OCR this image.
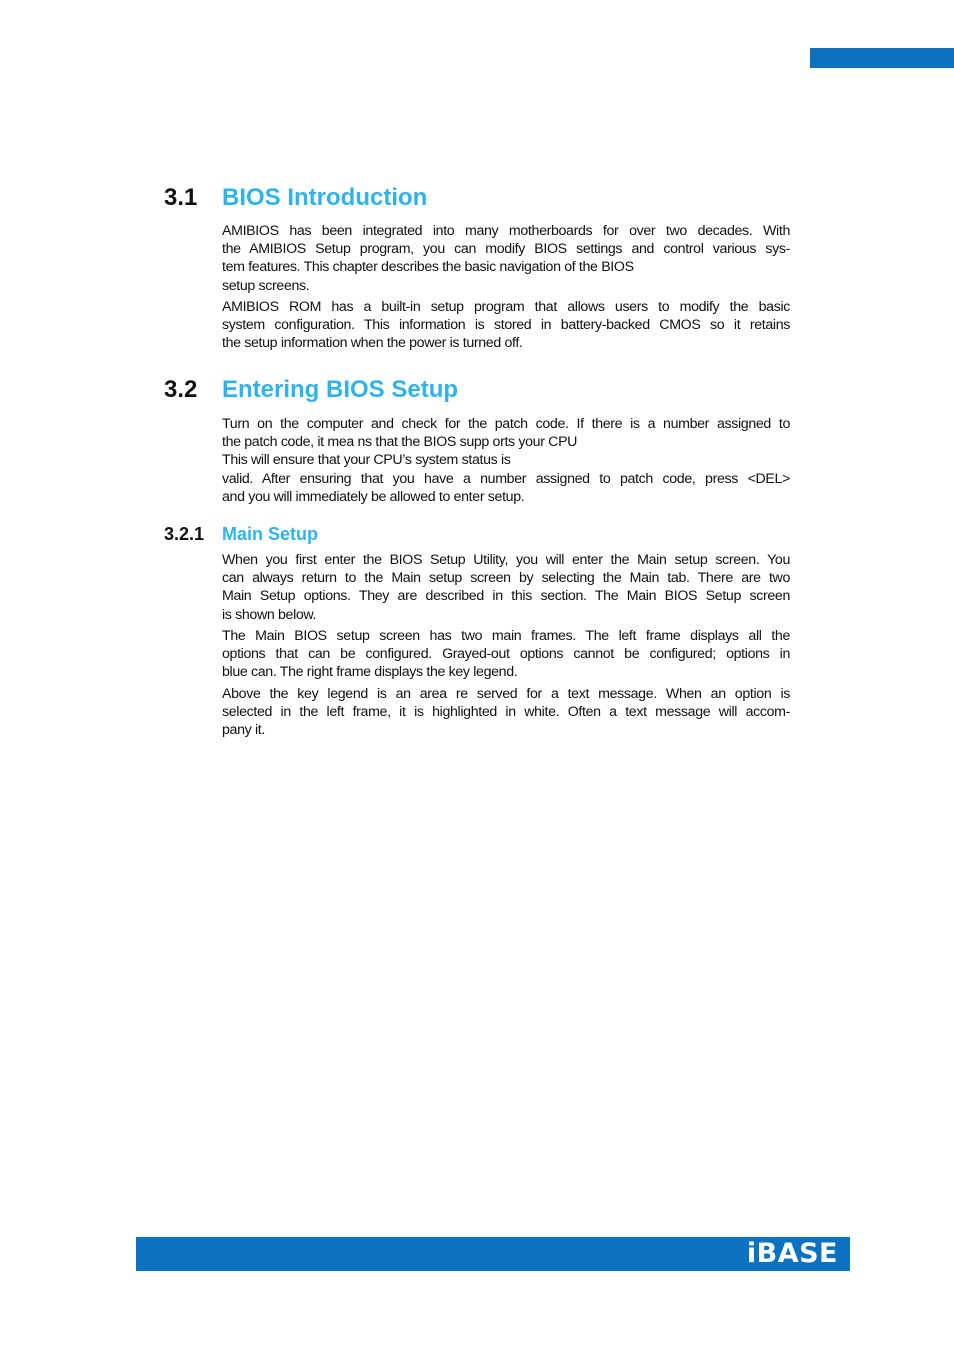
3.1 BIOS Introduction
AMIBIOS has been integrated into many motherboards for over two decades. With
the AMIBIOS Setup program, you can modify BIOS settings and control various sys-
tem features. This chapter describes the basic navigation of the BIOS
setup screens.
AMIBIOS ROM has a built-in setup program that allows users to modify the basic
system configuration. This information is stored in battery-backed CMOS so it retains
the setup information when the power is turned off.
3.2 Entering BIOS Setup
Turn on the computer and check for the patch code. If there is a number assigned to
the patch code, it mea ns that the BIOS supp orts your CPU
This will ensure that your CPU’s system status is
valid. After ensuring that you have a number assigned to patch code, press <DEL>
and you will immediately be allowed to enter setup.
3.2.1 Main Setup
When you first enter the BIOS Setup Utility, you will enter the Main setup screen. You
can always return to the Main setup screen by selecting the Main tab. There are two
Main Setup options. They are described in this section. The Main BIOS Setup screen
is shown below.
The Main BIOS setup screen has two main frames. The left frame displays all the
options that can be configured. Grayed-out options cannot be configured; options in
blue can. The right frame displays the key legend.
Above the key legend is an area re served for a text message. When an option is
selected in the left frame, it is highlighted in white. Often a text message will accom-
pany it.
iBASE
